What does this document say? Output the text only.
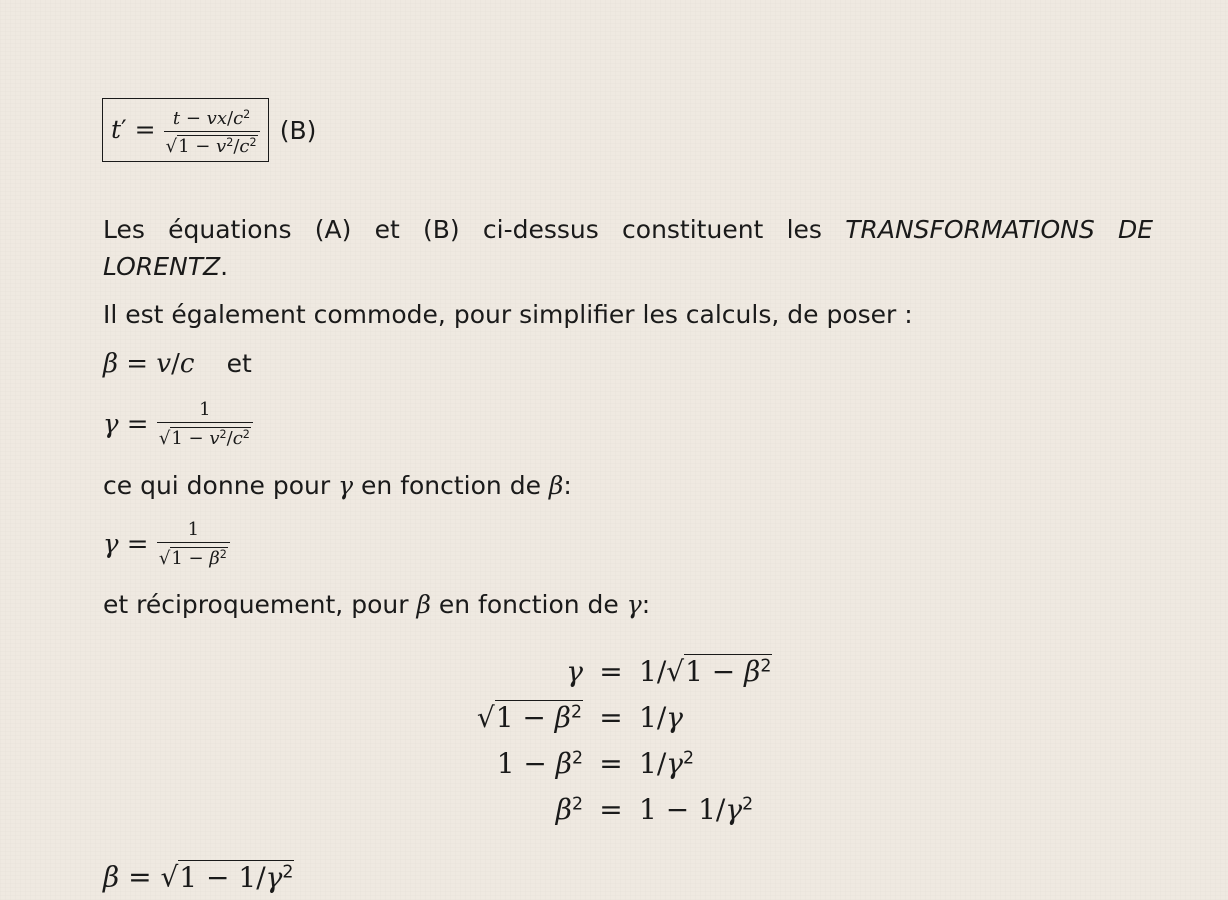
$t' = \frac{t - vx/c^2}{√1 - v^2/c^2} (B)$
Les équations (A) et (B) ci-dessus constituent les TRANSFORMATIONS DE
LORENTZ.
Il est également commode, pour simplifier les calculs, de poser :
β = v/c et
$\gamma = \frac{1}{√1 - v^2/c^2}$
ce qui donne pour γ en fonction de β:
$\gamma = \frac{1}{√1 - \beta^2}$
et réciproquement, pour β en fonction de γ:
$\gamma = 1/√1 - \beta^2$
$√1 - \beta^2 = 1/\gamma$
$1 - \beta^2 = 1/\gamma^2$
$\beta^2 = 1 - 1/\gamma^2$
$\beta = √1 - 1/\gamma^2$
